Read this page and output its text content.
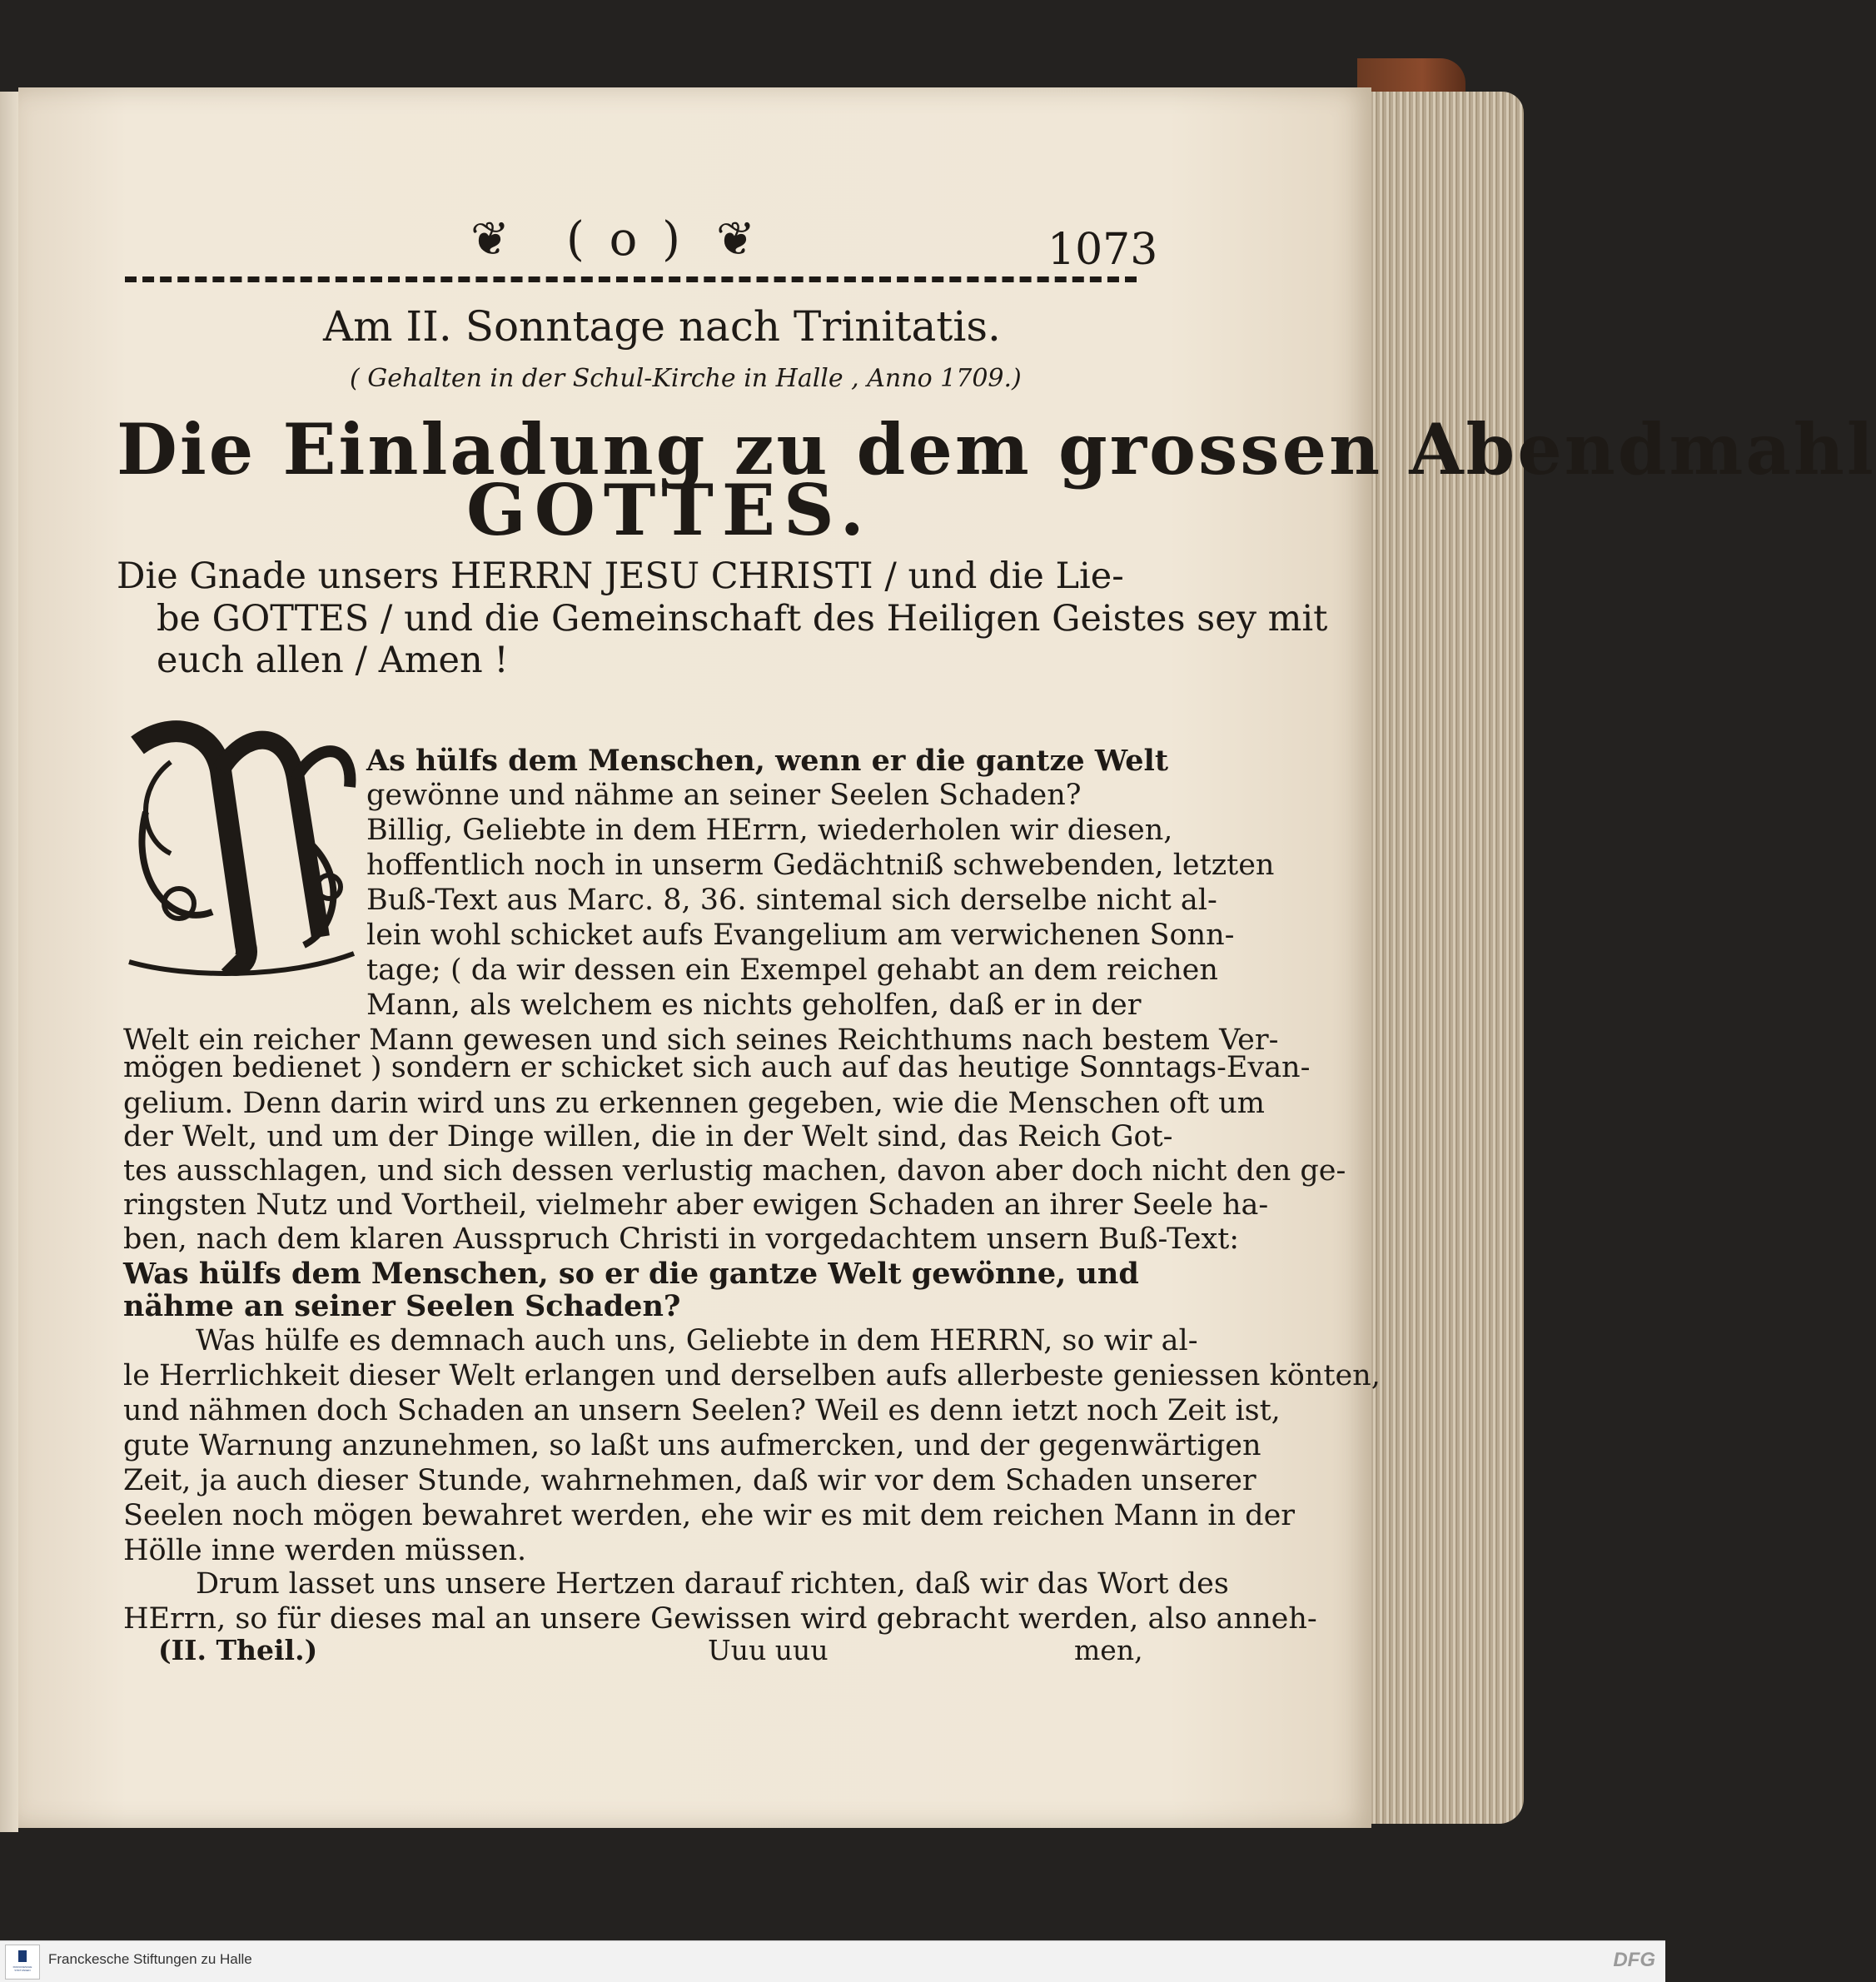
❦ ( o ) ❦	1073
Am II. Sonntage nach Trinitatis.
( Gehalten in der Schul-Kirche in Halle , Anno 1709.)
Die Einladung zu dem grossen Abendmahl
GOTTES.
Die Gnade unsers HERRN JESU CHRISTI / und die Lie-
be GOTTES / und die Gemeinschaft des Heiligen Geistes sey mit
euch allen / Amen !
W
As hülfs dem Menschen, wenn er die gantze Welt
gewönne und nähme an seiner Seelen Schaden?
Billig, Geliebte in dem HErrn, wiederholen wir diesen,
hoffentlich noch in unserm Gedächtniß schwebenden, letzten
Buß-Text aus Marc. 8, 36. sintemal sich derselbe nicht al-
lein wohl schicket aufs Evangelium am verwichenen Sonn-
tage; ( da wir dessen ein Exempel gehabt an dem reichen
Mann, als welchem es nichts geholfen, daß er in der
Welt ein reicher Mann gewesen und sich seines Reichthums nach bestem Ver-
mögen bedienet ) sondern er schicket sich auch auf das heutige Sonntags-Evan-
gelium. Denn darin wird uns zu erkennen gegeben, wie die Menschen oft um
der Welt, und um der Dinge willen, die in der Welt sind, das Reich Got-
tes ausschlagen, und sich dessen verlustig machen, davon aber doch nicht den ge-
ringsten Nutz und Vortheil, vielmehr aber ewigen Schaden an ihrer Seele ha-
ben, nach dem klaren Ausspruch Christi in vorgedachtem unsern Buß-Text:
Was hülfs dem Menschen, so er die gantze Welt gewönne, und
nähme an seiner Seelen Schaden?
Was hülfe es demnach auch uns, Geliebte in dem HERRN, so wir al-
le Herrlichkeit dieser Welt erlangen und derselben aufs allerbeste geniessen könten,
und nähmen doch Schaden an unsern Seelen? Weil es denn ietzt noch Zeit ist,
gute Warnung anzunehmen, so laßt uns aufmercken, und der gegenwärtigen
Zeit, ja auch dieser Stunde, wahrnehmen, daß wir vor dem Schaden unserer
Seelen noch mögen bewahret werden, ehe wir es mit dem reichen Mann in der
Hölle inne werden müssen.
Drum lasset uns unsere Hertzen darauf richten, daß wir das Wort des
HErrn, so für dieses mal an unsere Gewissen wird gebracht werden, also anneh-
(II. Theil.)	Uuu uuu	men,
FRANCKESCHE STIFTUNGEN
Franckesche Stiftungen zu Halle	DFG
